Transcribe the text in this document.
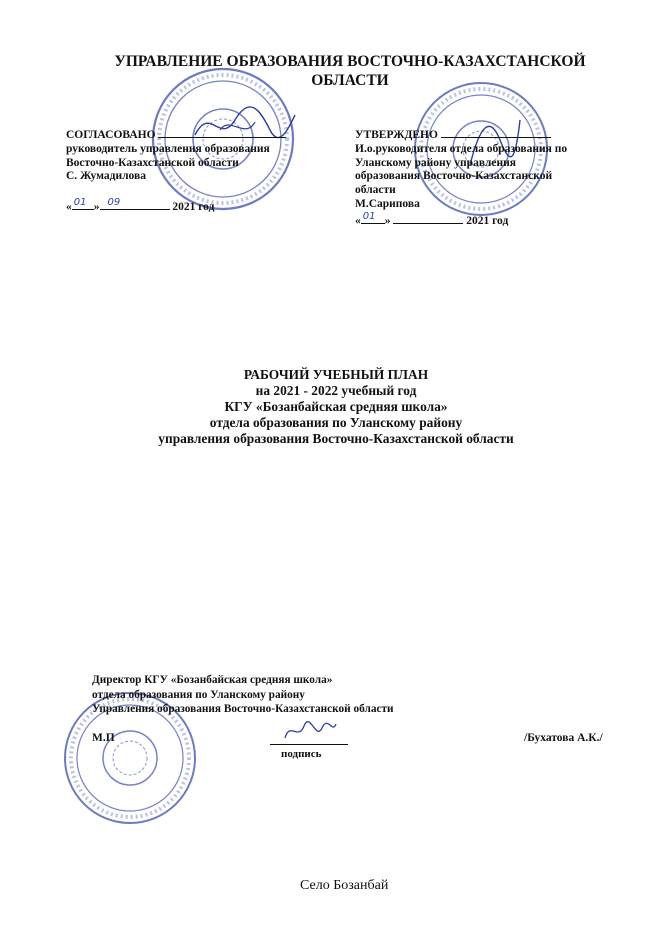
УПРАВЛЕНИЕ ОБРАЗОВАНИЯ ВОСТОЧНО-КАЗАХСТАНСКОЙ
ОБЛАСТИ
СОГЛАСОВАНО
руководитель управления образования
Восточно-Казахстанской области
С. Жумадилова

« 01 » 09	2021 год
УТВЕРЖДЕНО
И.о.руководителя отдела образования по
Уланскому району управления
образования Восточно-Казахстанской
области
М.Сарипова
« 01 »	2021 год
РАБОЧИЙ УЧЕБНЫЙ ПЛАН
на 2021 - 2022 учебный год
КГУ «Бозанбайская средняя школа»
отдела образования по Уланскому району
управления образования Восточно-Казахстанской области
Директор КГУ «Бозанбайская средняя школа»
отдела образования по Уланскому району
Управления образования Восточно-Казахстанской области
М.П
подпись
/Бухатова А.К./
Село Бозанбай
